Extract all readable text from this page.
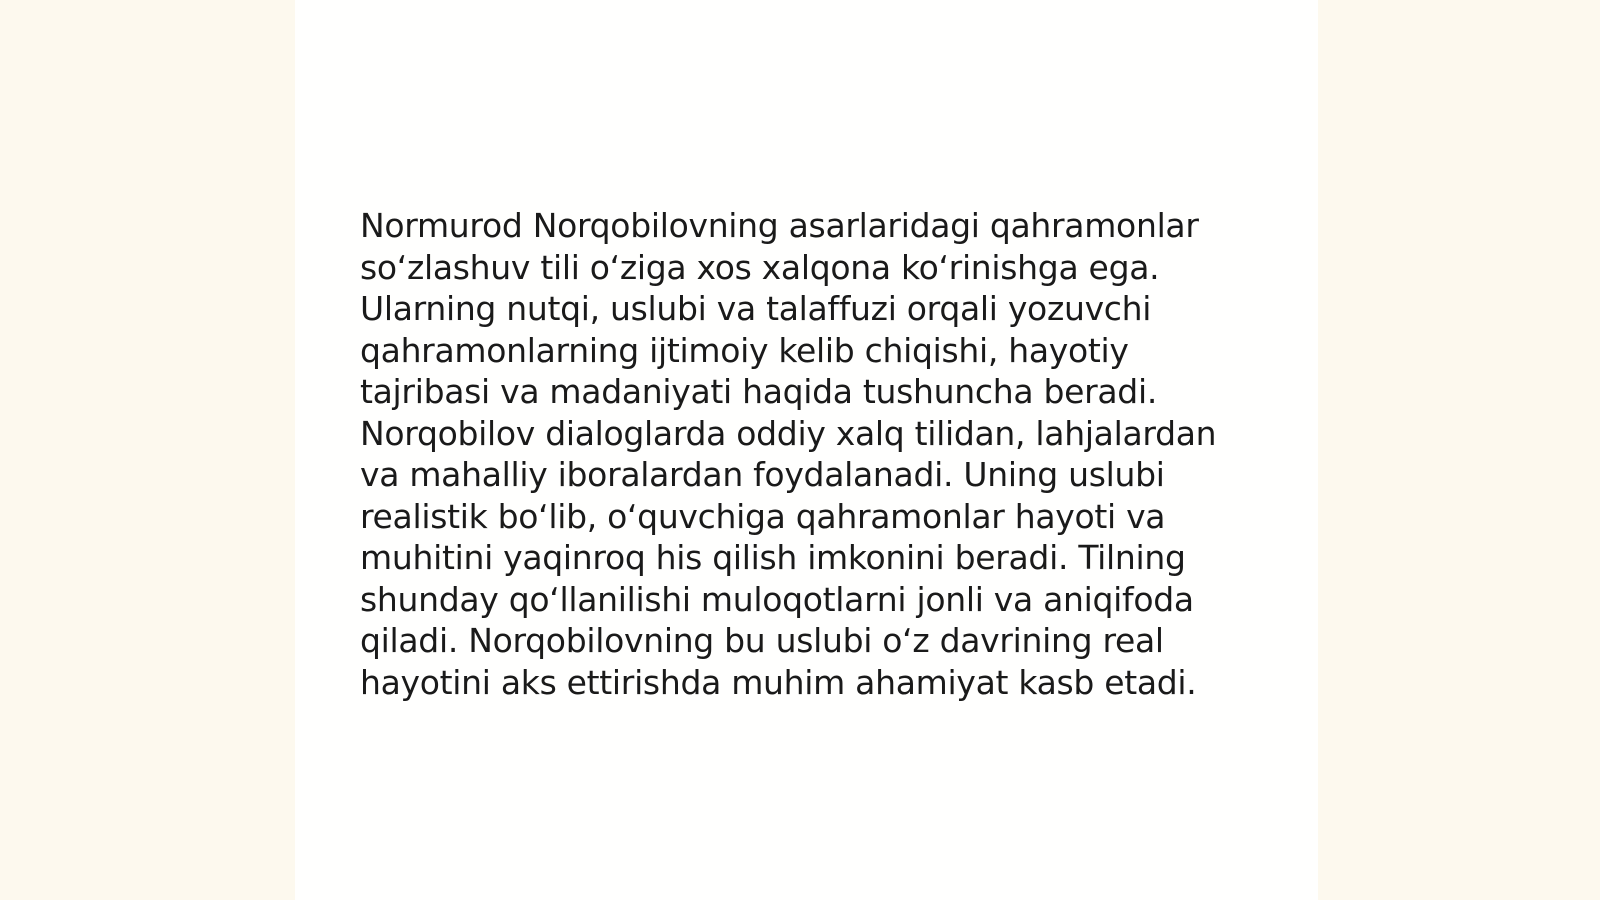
Normurod Norqobilovning asarlaridagi qahramonlar
so‘zlashuv tili o‘ziga xos xalqona ko‘rinishga ega.
Ularning nutqi, uslubi va talaffuzi orqali yozuvchi
qahramonlarning ijtimoiy kelib chiqishi, hayotiy
tajribasi va madaniyati haqida tushuncha beradi.
Norqobilov dialoglarda oddiy xalq tilidan, lahjalardan
va mahalliy iboralardan foydalanadi. Uning uslubi
realistik bo‘lib, o‘quvchiga qahramonlar hayoti va
muhitini yaqinroq his qilish imkonini beradi. Tilning
shunday qo‘llanilishi muloqotlarni jonli va aniqifoda
qiladi. Norqobilovning bu uslubi o‘z davrining real
hayotini aks ettirishda muhim ahamiyat kasb etadi.
